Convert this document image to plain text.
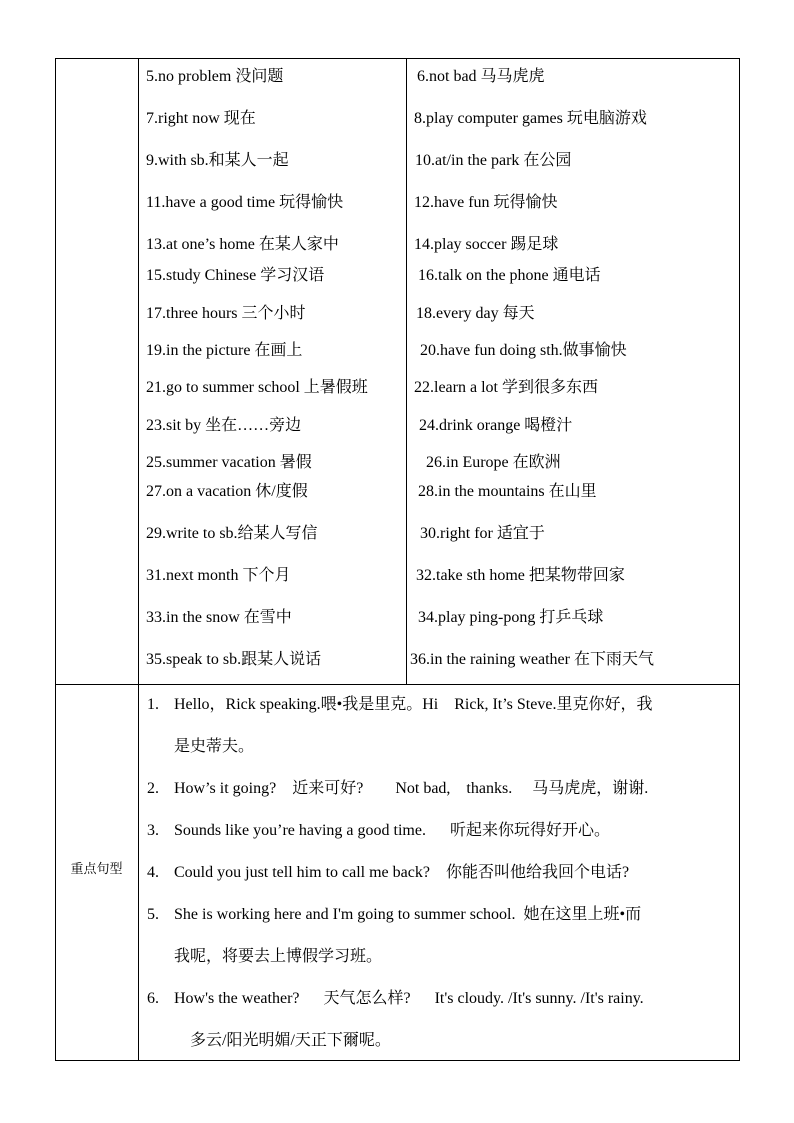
5.no problem 没问题
7.right now 现在
9.with sb.和某人一起
11.have a good time 玩得愉快
13.at one’s home 在某人家中
15.study Chinese 学习汉语
17.three hours 三个小时
19.in the picture 在画上
21.go to summer school 上暑假班
23.sit by 坐在……旁边
25.summer vacation 暑假
27.on a vacation 休/度假
29.write to sb.给某人写信
31.next month 下个月
33.in the snow 在雪中
35.speak to sb.跟某人说话
6.not bad 马马虎虎
8.play computer games 玩电脑游戏
10.at/in the park 在公园
12.have fun 玩得愉快
14.play soccer 踢足球
16.talk on the phone 通电话
18.every day 每天
20.have fun doing sth.做事愉快
22.learn a lot 学到很多东西
24.drink orange 喝橙汁
26.in Europe 在欧洲
28.in the mountains 在山里
30.right for 适宜于
32.take sth home 把某物带回家
34.play ping-pong 打乒乓球
36.in the raining weather 在下雨天气
重点句型
1. Hello，Rick speaking.喂•我是里克。Hi    Rick, It’s Steve.里克你好，我
是史蒂夫。
2. How’s it going?    近来可好?        Not bad,    thanks.     马马虎虎，谢谢.
3. Sounds like you’re having a good time.      听起来你玩得好开心。
4. Could you just tell him to call me back?    你能否叫他给我回个电话?
5. She is working here and I'm going to summer school.  她在这里上班•而
我呢，将要去上博假学习班。
6. How's the weather?      天气怎么样?      It's cloudy. /It's sunny. /It's rainy.
多云/阳光明媚/天正下爾呢。
